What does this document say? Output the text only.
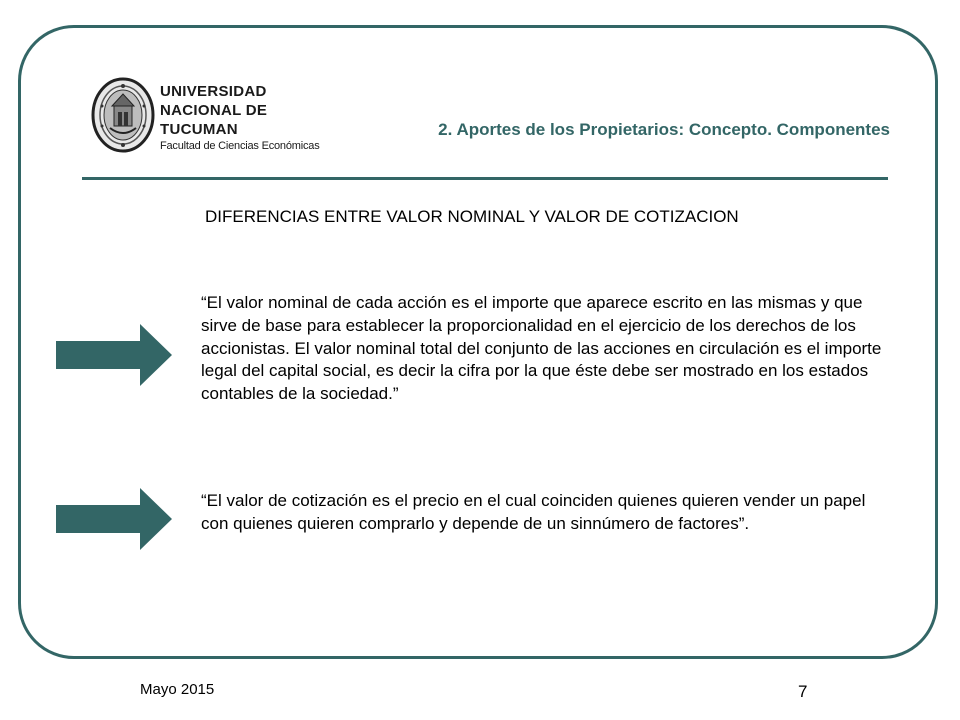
UNIVERSIDAD
NACIONAL DE
TUCUMAN
Facultad de Ciencias Económicas
2. Aportes de los Propietarios: Concepto. Componentes
DIFERENCIAS ENTRE VALOR NOMINAL Y VALOR DE COTIZACION
“El valor nominal de cada acción es el importe que aparece escrito en las mismas y que sirve de base para establecer la proporcionalidad en el ejercicio de los derechos de los accionistas. El valor nominal total del conjunto de las acciones en circulación es el importe legal del capital social, es decir la cifra por la que éste debe ser mostrado en los estados contables de la sociedad.”
“El valor de cotización es el precio en el cual coinciden quienes quieren vender un papel con quienes quieren comprarlo y depende de un sinnúmero de factores”.
Mayo 2015	7
